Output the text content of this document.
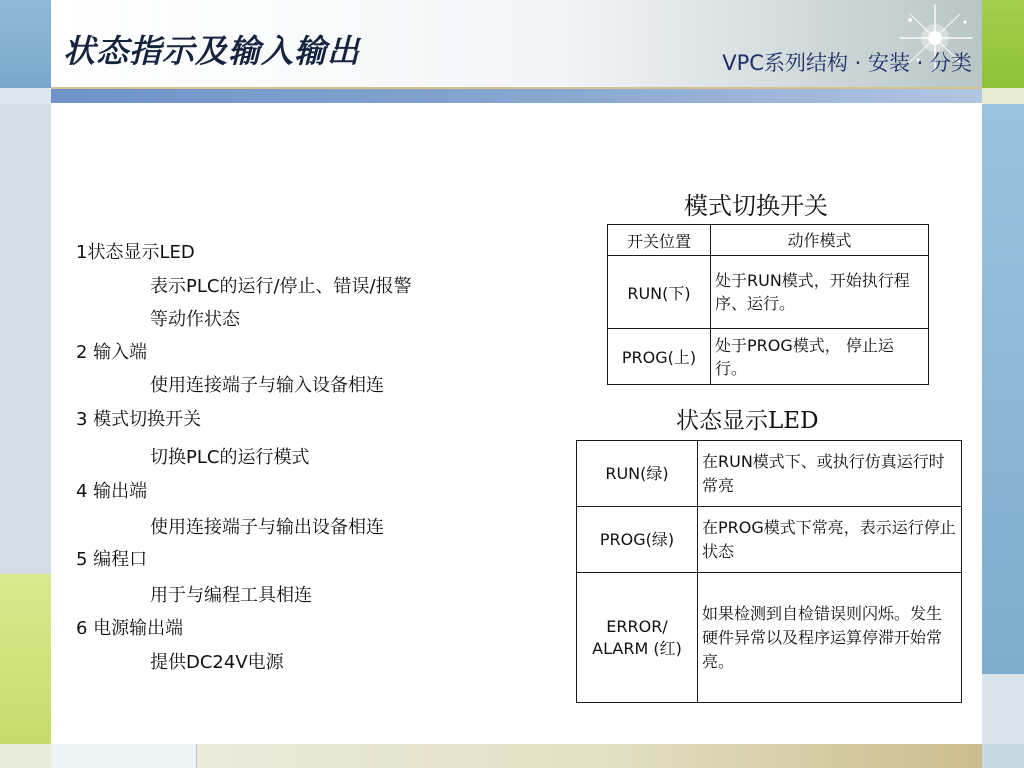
状态指示及输入输出	VPC系列结构 · 安装 · 分类
1状态显示LED
表示PLC的运行/停止、错误/报警
等动作状态
2 输入端
使用连接端子与输入设备相连
3 模式切换开关
切换PLC的运行模式
4 输出端
使用连接端子与输出设备相连
5 编程口
用于与编程工具相连
6 电源输出端
提供DC24V电源
模式切换开关
开关位置	动作模式
RUN(下)	处于RUN模式，开始执行程序、运行。
PROG(上)	处于PROG模式， 停止运行。
状态显示LED
RUN(绿)	在RUN模式下、或执行仿真运行时常亮
PROG(绿)	在PROG模式下常亮，表示运行停止状态
ERROR/ ALARM (红)	如果检测到自检错误则闪烁。发生硬件异常以及程序运算停滞开始常亮。
